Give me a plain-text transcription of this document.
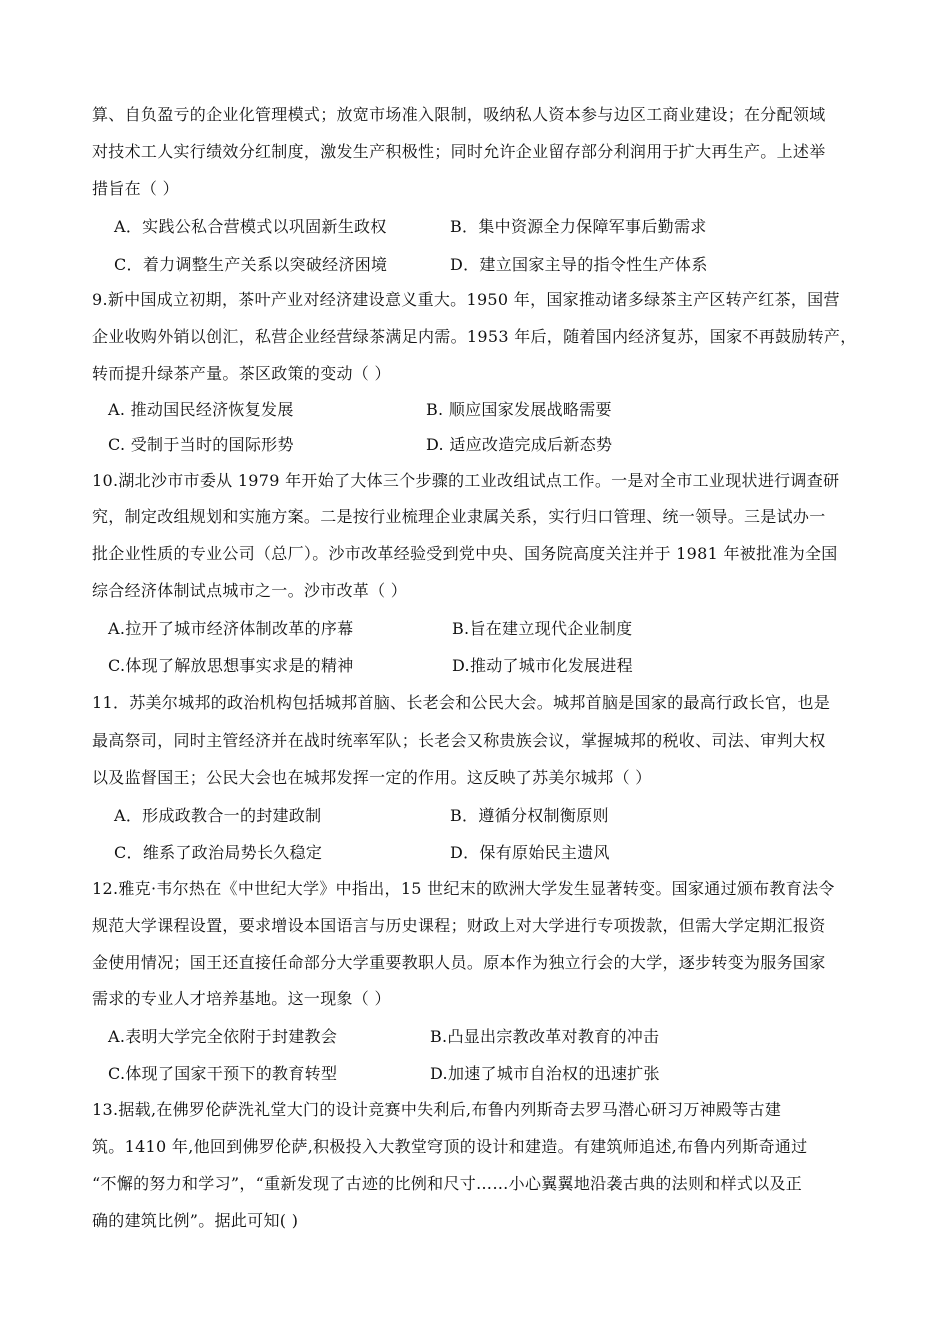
算、自负盈亏的企业化管理模式；放宽市场准入限制，吸纳私人资本参与边区工商业建设；在分配领域
对技术工人实行绩效分红制度，激发生产积极性；同时允许企业留存部分利润用于扩大再生产。上述举
措旨在（ ）
A．实践公私合营模式以巩固新生政权	B．集中资源全力保障军事后勤需求
C．着力调整生产关系以突破经济困境	D．建立国家主导的指令性生产体系
9.新中国成立初期，茶叶产业对经济建设意义重大。1950 年，国家推动诸多绿茶主产区转产红茶，国营
企业收购外销以创汇，私营企业经营绿茶满足内需。1953 年后，随着国内经济复苏，国家不再鼓励转产，
转而提升绿茶产量。茶区政策的变动（ ）
A. 推动国民经济恢复发展	B. 顺应国家发展战略需要
C. 受制于当时的国际形势	D. 适应改造完成后新态势
10.湖北沙市市委从 1979 年开始了大体三个步骤的工业改组试点工作。一是对全市工业现状进行调查研
究，制定改组规划和实施方案。二是按行业梳理企业隶属关系，实行归口管理、统一领导。三是试办一
批企业性质的专业公司（总厂）。沙市改革经验受到党中央、国务院高度关注并于 1981 年被批准为全国
综合经济体制试点城市之一。沙市改革（ ）
A.拉开了城市经济体制改革的序幕	B.旨在建立现代企业制度
C.体现了解放思想事实求是的精神	D.推动了城市化发展进程
11．苏美尔城邦的政治机构包括城邦首脑、长老会和公民大会。城邦首脑是国家的最高行政长官，也是
最高祭司，同时主管经济并在战时统率军队；长老会又称贵族会议，掌握城邦的税收、司法、审判大权
以及监督国王；公民大会也在城邦发挥一定的作用。这反映了苏美尔城邦（ ）
A．形成政教合一的封建政制	B．遵循分权制衡原则
C．维系了政治局势长久稳定	D．保有原始民主遗风
12.雅克·韦尔热在《中世纪大学》中指出，15 世纪末的欧洲大学发生显著转变。国家通过颁布教育法令
规范大学课程设置，要求增设本国语言与历史课程；财政上对大学进行专项拨款，但需大学定期汇报资
金使用情况；国王还直接任命部分大学重要教职人员。原本作为独立行会的大学，逐步转变为服务国家
需求的专业人才培养基地。这一现象（ ）
A.表明大学完全依附于封建教会	B.凸显出宗教改革对教育的冲击
C.体现了国家干预下的教育转型	D.加速了城市自治权的迅速扩张
13.据载,在佛罗伦萨洗礼堂大门的设计竞赛中失利后,布鲁内列斯奇去罗马潜心研习万神殿等古建
筑。1410 年,他回到佛罗伦萨,积极投入大教堂穹顶的设计和建造。有建筑师追述,布鲁内列斯奇通过
“不懈的努力和学习”，“重新发现了古迹的比例和尺寸……小心翼翼地沿袭古典的法则和样式以及正
确的建筑比例”。据此可知( )
